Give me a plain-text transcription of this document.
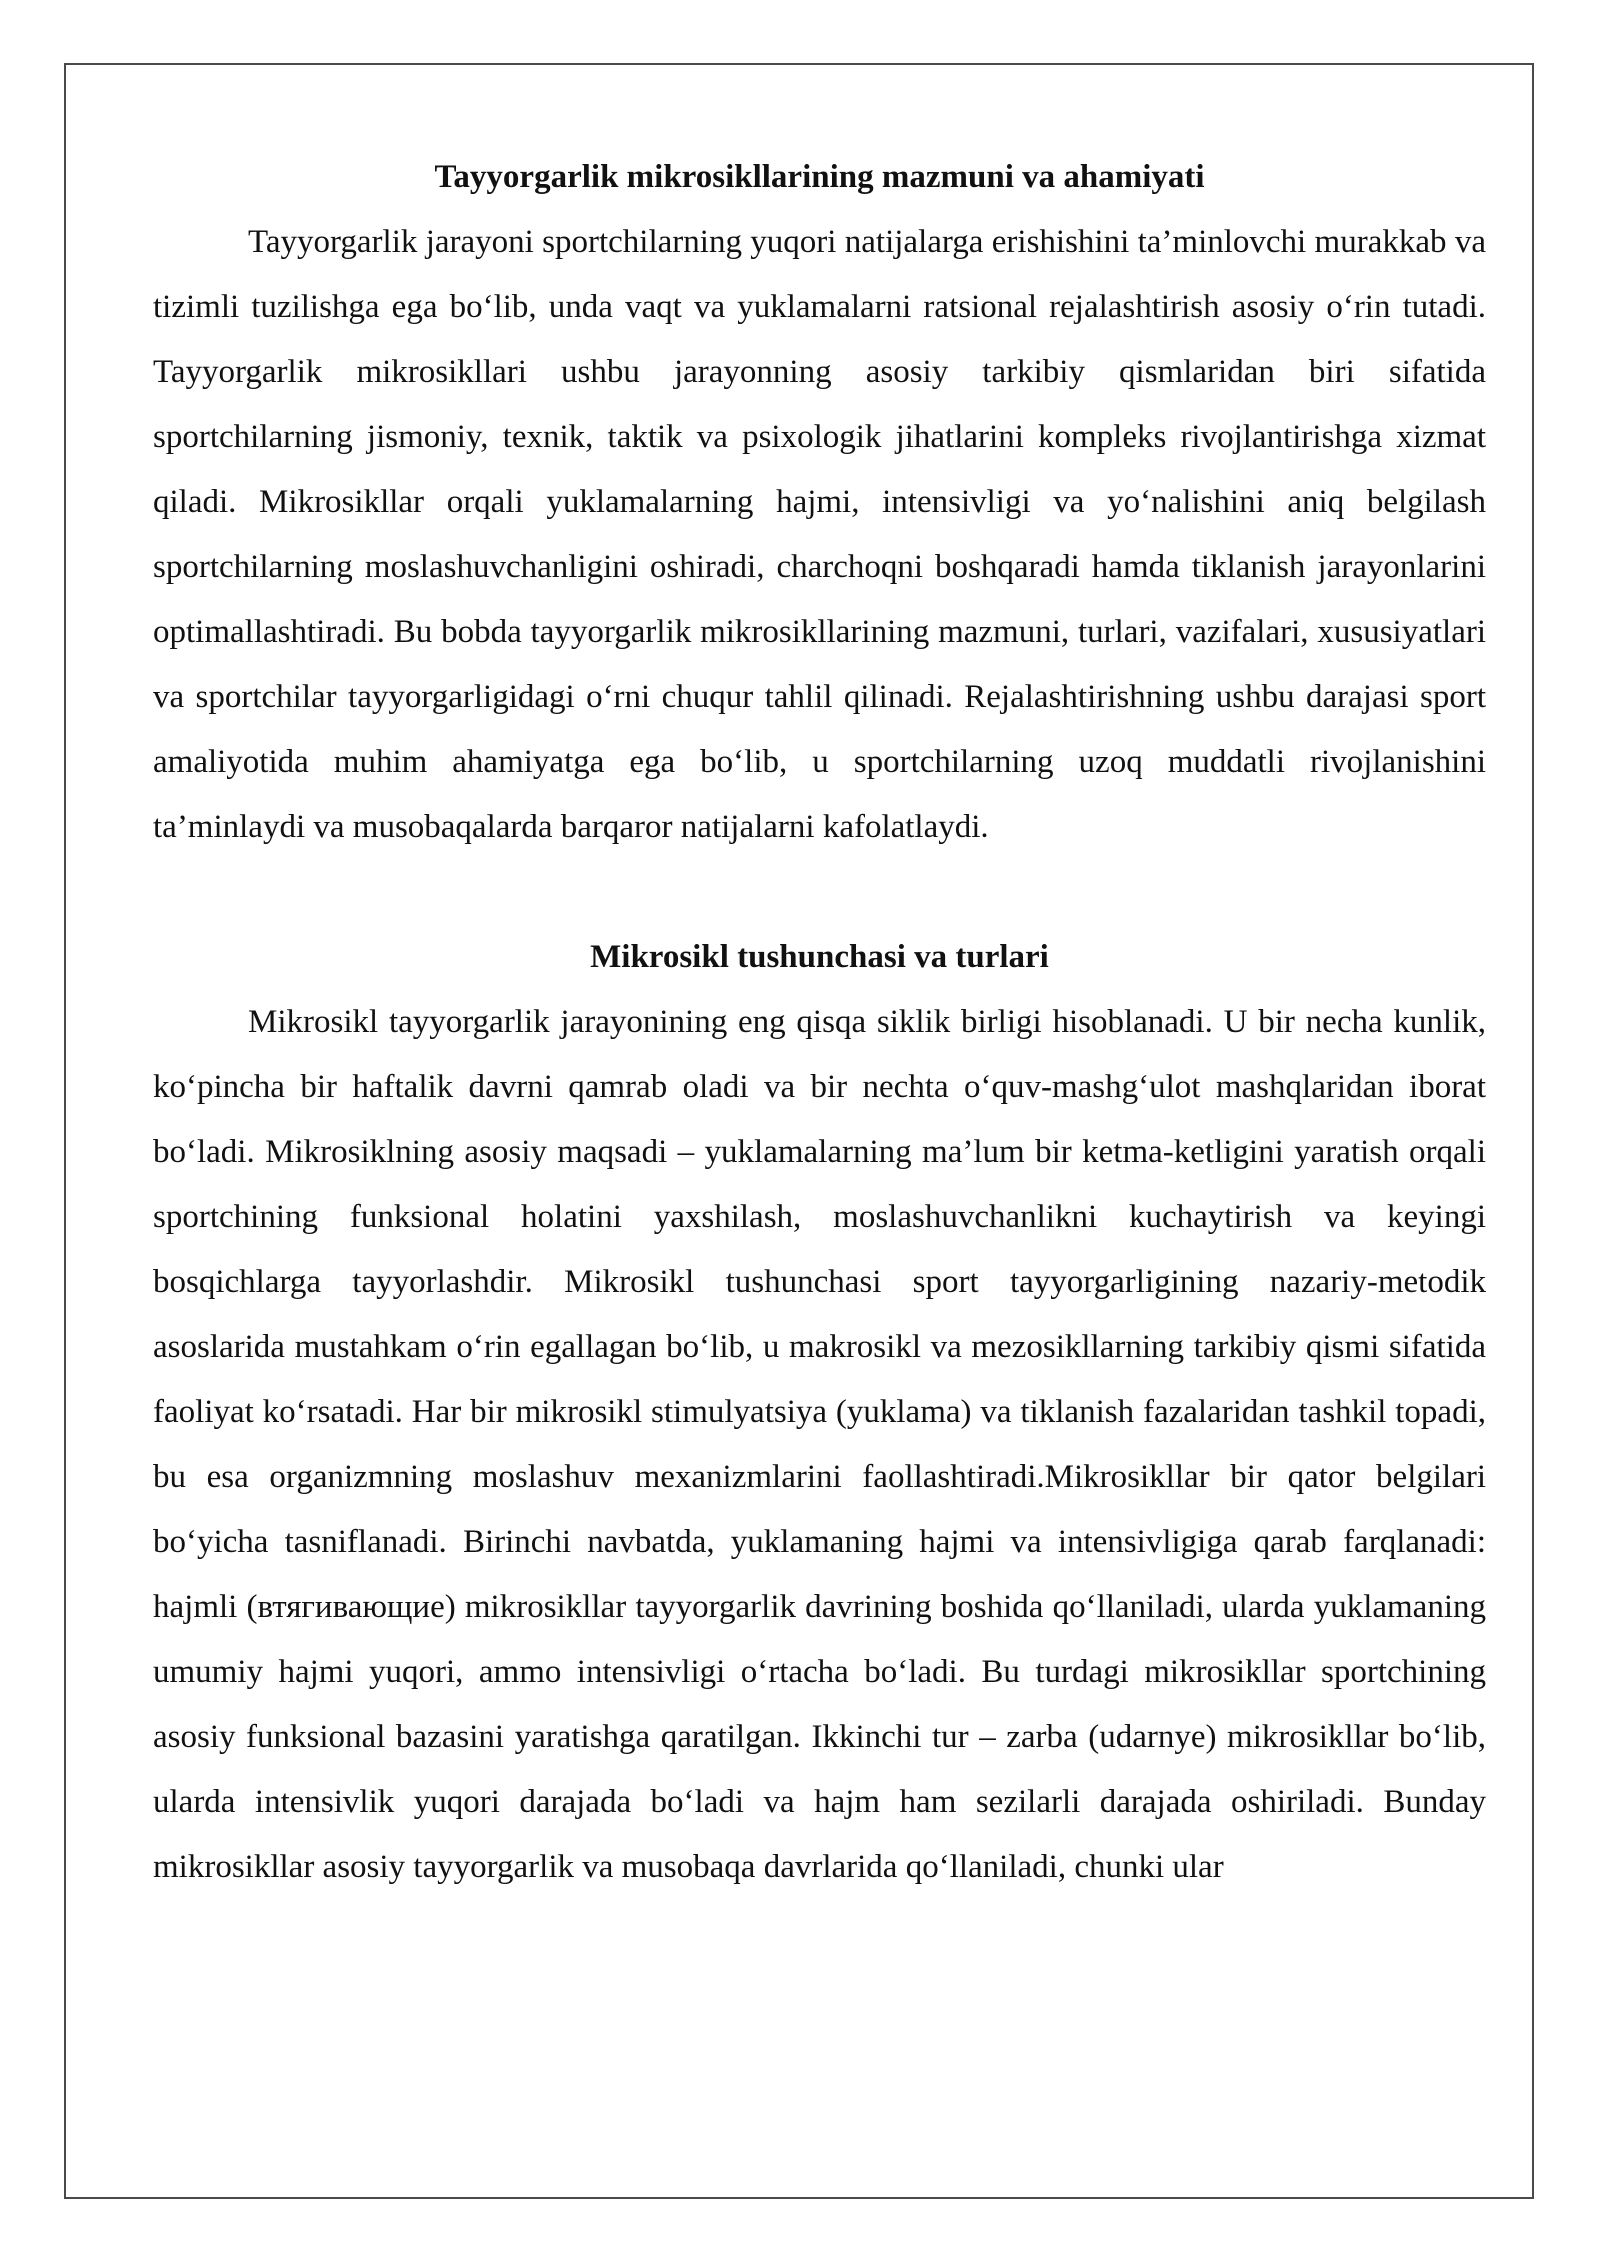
Tayyorgarlik mikrosikllarining mazmuni va ahamiyati

Tayyorgarlik jarayoni sportchilarning yuqori natijalarga erishishini ta’minlovchi murakkab va tizimli tuzilishga ega bo‘lib, unda vaqt va yuklamalarni ratsional rejalashtirish asosiy o‘rin tutadi. Tayyorgarlik mikrosikllari ushbu jarayonning asosiy tarkibiy qismlaridan biri sifatida sportchilarning jismoniy, texnik, taktik va psixologik jihatlarini kompleks rivojlantirishga xizmat qiladi. Mikrosikllar orqali yuklamalarning hajmi, intensivligi va yo‘nalishini aniq belgilash sportchilarning moslashuvchanligini oshiradi, charchoqni boshqaradi hamda tiklanish jarayonlarini optimallashtiradi. Bu bobda tayyorgarlik mikrosikllarining mazmuni, turlari, vazifalari, xususiyatlari va sportchilar tayyorgarligidagi o‘rni chuqur tahlil qilinadi. Rejalashtirishning ushbu darajasi sport amaliyotida muhim ahamiyatga ega bo‘lib, u sportchilarning uzoq muddatli rivojlanishini ta’minlaydi va musobaqalarda barqaror natijalarni kafolatlaydi.

Mikrosikl tushunchasi va turlari

Mikrosikl tayyorgarlik jarayonining eng qisqa siklik birligi hisoblanadi. U bir necha kunlik, ko‘pincha bir haftalik davrni qamrab oladi va bir nechta o‘quv-mashg‘ulot mashqlaridan iborat bo‘ladi. Mikrosiklning asosiy maqsadi – yuklamalarning ma’lum bir ketma-ketligini yaratish orqali sportchining funksional holatini yaxshilash, moslashuvchanlikni kuchaytirish va keyingi bosqichlarga tayyorlashdir. Mikrosikl tushunchasi sport tayyorgarligining nazariy-metodik asoslarida mustahkam o‘rin egallagan bo‘lib, u makrosikl va mezosikllarning tarkibiy qismi sifatida faoliyat ko‘rsatadi. Har bir mikrosikl stimulyatsiya (yuklama) va tiklanish fazalaridan tashkil topadi, bu esa organizmning moslashuv mexanizmlarini faollashtiradi.Mikrosikllar bir qator belgilari bo‘yicha tasniflanadi. Birinchi navbatda, yuklamaning hajmi va intensivligiga qarab farqlanadi: hajmli (втягивающие) mikrosikllar tayyorgarlik davrining boshida qo‘llaniladi, ularda yuklamaning umumiy hajmi yuqori, ammo intensivligi o‘rtacha bo‘ladi. Bu turdagi mikrosikllar sportchining asosiy funksional bazasini yaratishga qaratilgan. Ikkinchi tur – zarba (udarnye) mikrosikllar bo‘lib, ularda intensivlik yuqori darajada bo‘ladi va hajm ham sezilarli darajada oshiriladi. Bunday mikrosikllar asosiy tayyorgarlik va musobaqa davrlarida qo‘llaniladi, chunki ular
